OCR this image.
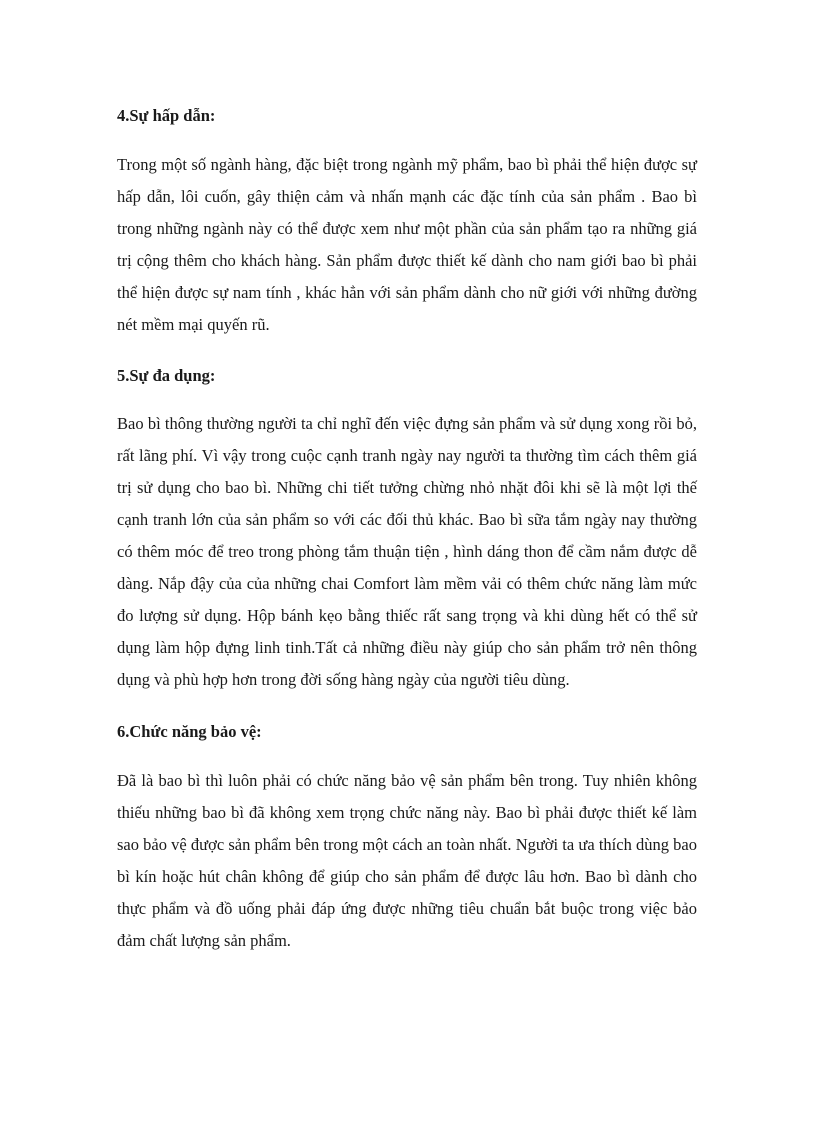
4.Sự hấp dẫn:

Trong một số ngành hàng, đặc biệt trong ngành mỹ phẩm, bao bì phải thể hiện được sự hấp dẫn, lôi cuốn, gây thiện cảm và nhấn mạnh các đặc tính của sản phẩm . Bao bì trong những ngành này có thể được xem như một phần của sản phẩm tạo ra những giá trị cộng thêm cho khách hàng. Sản phẩm được thiết kế dành cho nam giới bao bì phải thể hiện được sự nam tính , khác hẳn với sản phẩm dành cho nữ giới với những đường nét mềm mại quyến rũ.

5.Sự đa dụng:

Bao bì thông thường người ta chỉ nghĩ đến việc đựng sản phẩm và sử dụng xong rồi bỏ, rất lãng phí. Vì vậy trong cuộc cạnh tranh ngày nay người ta thường tìm cách thêm giá trị sử dụng cho bao bì. Những chi tiết tưởng chừng nhỏ nhặt đôi khi sẽ là một lợi thế cạnh tranh lớn của sản phẩm so với các đối thủ khác. Bao bì sữa tắm ngày nay thường có thêm móc để treo trong phòng tắm thuận tiện , hình dáng thon để cầm nắm được dễ dàng. Nắp đậy của của những chai Comfort làm mềm vải có thêm chức năng làm mức đo lượng sử dụng. Hộp bánh kẹo bằng thiếc rất sang trọng và khi dùng hết có thể sử dụng làm hộp đựng linh tinh.Tất cả những điều này giúp cho sản phẩm trở nên thông dụng và phù hợp hơn trong đời sống hàng ngày của người tiêu dùng.

6.Chức năng bảo vệ:

Đã là bao bì thì luôn phải có chức năng bảo vệ sản phẩm bên trong. Tuy nhiên không thiếu những bao bì đã không xem trọng chức năng này. Bao bì phải được thiết kế làm sao bảo vệ được sản phẩm bên trong một cách an toàn nhất. Người ta ưa thích dùng bao bì kín hoặc hút chân không để giúp cho sản phẩm để được lâu hơn. Bao bì dành cho thực phẩm và đồ uống phải đáp ứng được những tiêu chuẩn bắt buộc trong việc bảo đảm chất lượng sản phẩm.
